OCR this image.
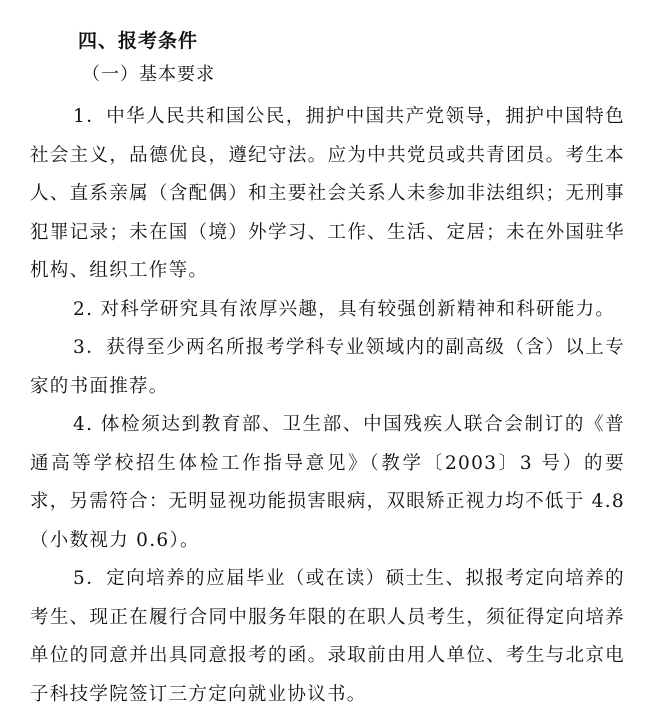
四、报考条件
（一）基本要求

1．中华人民共和国公民，拥护中国共产党领导，拥护中国特色社会主义，品德优良，遵纪守法。应为中共党员或共青团员。考生本人、直系亲属（含配偶）和主要社会关系人未参加非法组织；无刑事犯罪记录；未在国（境）外学习、工作、生活、定居；未在外国驻华机构、组织工作等。

2. 对科学研究具有浓厚兴趣，具有较强创新精神和科研能力。

3．获得至少两名所报考学科专业领域内的副高级（含）以上专家的书面推荐。

4. 体检须达到教育部、卫生部、中国残疾人联合会制订的《普通高等学校招生体检工作指导意见》（教学〔2003〕3 号）的要求，另需符合：无明显视功能损害眼病，双眼矫正视力均不低于 4.8（小数视力 0.6）。

5．定向培养的应届毕业（或在读）硕士生、拟报考定向培养的考生、现正在履行合同中服务年限的在职人员考生，须征得定向培养单位的同意并出具同意报考的函。录取前由用人单位、考生与北京电子科技学院签订三方定向就业协议书。
